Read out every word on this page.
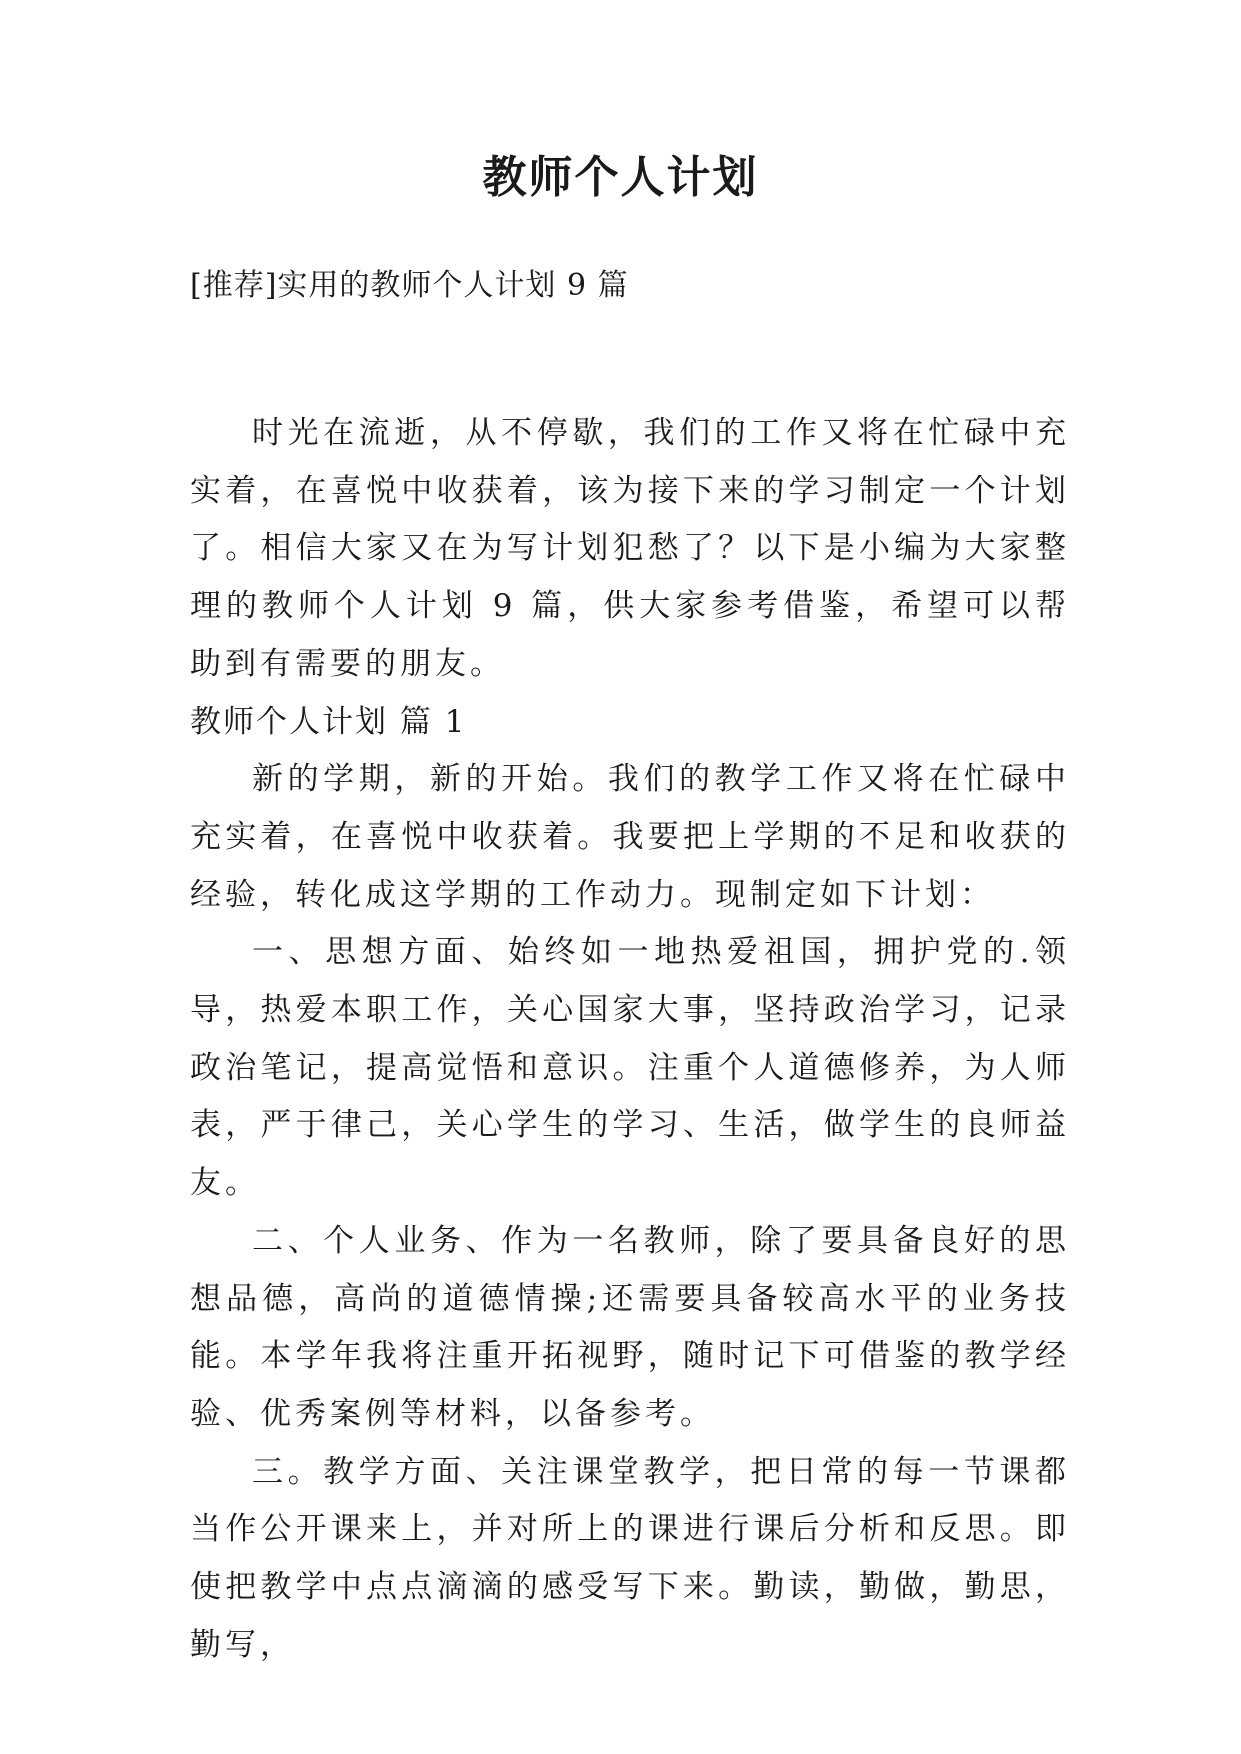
教师个人计划
[推荐]实用的教师个人计划 9 篇

时光在流逝，从不停歇，我们的工作又将在忙碌中充实着，在喜悦中收获着，该为接下来的学习制定一个计划了。相信大家又在为写计划犯愁了？以下是小编为大家整理的教师个人计划 9 篇，供大家参考借鉴，希望可以帮助到有需要的朋友。

教师个人计划 篇 1

新的学期，新的开始。我们的教学工作又将在忙碌中充实着，在喜悦中收获着。我要把上学期的不足和收获的经验，转化成这学期的工作动力。现制定如下计划：

一、思想方面、始终如一地热爱祖国，拥护党的.领导，热爱本职工作，关心国家大事，坚持政治学习，记录政治笔记，提高觉悟和意识。注重个人道德修养，为人师表，严于律己，关心学生的学习、生活，做学生的良师益友。

二、个人业务、作为一名教师，除了要具备良好的思想品德，高尚的道德情操;还需要具备较高水平的业务技能。本学年我将注重开拓视野，随时记下可借鉴的教学经验、优秀案例等材料，以备参考。

三。教学方面、关注课堂教学，把日常的每一节课都当作公开课来上，并对所上的课进行课后分析和反思。即使把教学中点点滴滴的感受写下来。勤读，勤做，勤思，勤写，
